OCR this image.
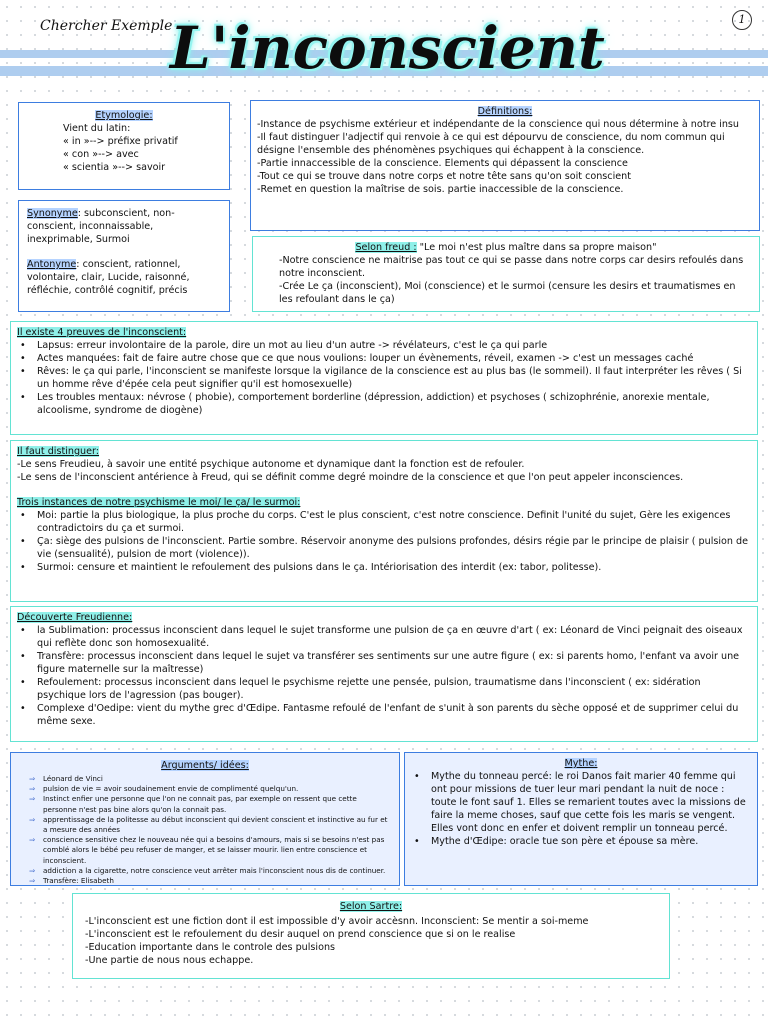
Chercher Exemple	1
L'inconscient
Etymologie:
Vient du latin:
« in »--> préfixe privatif
« con »--> avec
« scientia »--> savoir
Synonyme: subconscient, non-conscient, inconnaissable, inexprimable, Surmoi
Antonyme: conscient, rationnel, volontaire, clair, Lucide, raisonné, réfléchie, contrôlé cognitif, précis
Définitions:
-Instance de psychisme extérieur et indépendante de la conscience qui nous détermine à notre insu
-Il faut distinguer l'adjectif qui renvoie à ce qui est dépourvu de conscience, du nom commun qui désigne l'ensemble des phénomènes psychiques qui échappent à la conscience.
-Partie innaccessible de la conscience. Elements qui dépassent la conscience
-Tout ce qui se trouve dans notre corps et notre tête sans qu'on soit conscient
-Remet en question la maîtrise de sois. partie inaccessible de la conscience.
Selon freud : "Le moi n'est plus maître dans sa propre maison"
-Notre conscience ne maitrise pas tout ce qui se passe dans notre corps car desirs refoulés dans notre inconscient.
-Crée Le ça (inconscient), Moi (conscience) et le surmoi (censure les desirs et traumatismes en les refoulant dans le ça)
Il existe 4 preuves de l'inconscient:
• Lapsus: erreur involontaire de la parole, dire un mot au lieu d'un autre -> révélateurs, c'est le ça qui parle
• Actes manquées: fait de faire autre chose que ce que nous voulions: louper un évènements, réveil, examen -> c'est un messages caché
• Rêves: le ça qui parle, l'inconscient se manifeste lorsque la vigilance de la conscience est au plus bas (le sommeil). Il faut interpréter les rêves ( Si un homme rêve d'épée cela peut signifier qu'il est homosexuelle)
• Les troubles mentaux: névrose ( phobie), comportement borderline (dépression, addiction) et psychoses ( schizophrénie, anorexie mentale, alcoolisme, syndrome de diogène)
Il faut distinguer:
-Le sens Freudieu, à savoir une entité psychique autonome et dynamique dant la fonction est de refouler.
-Le sens de l'inconscient antérience à Freud, qui se définit comme degré moindre de la conscience et que l'on peut appeler inconsciences.
Trois instances de notre psychisme le moi/ le ça/ le surmoi:
• Moi: partie la plus biologique, la plus proche du corps. C'est le plus conscient, c'est notre conscience. Definit l'unité du sujet, Gère les exigences contradictoirs du ça et surmoi.
• Ça: siège des pulsions de l'inconscient. Partie sombre. Réservoir anonyme des pulsions profondes, désirs régie par le principe de plaisir ( pulsion de vie (sensualité), pulsion de mort (violence)).
• Surmoi: censure et maintient le refoulement des pulsions dans le ça. Intériorisation des interdit (ex: tabor, politesse).
Découverte Freudienne:
• la Sublimation: processus inconscient dans lequel le sujet transforme une pulsion de ça en œuvre d'art ( ex: Léonard de Vinci peignait des oiseaux qui reflète donc son homosexualité.
• Transfère: processus inconscient dans lequel le sujet va transférer ses sentiments sur une autre figure ( ex: si parents homo, l'enfant va avoir une figure maternelle sur la maîtresse)
• Refoulement: processus inconscient dans lequel le psychisme rejette une pensée, pulsion, traumatisme dans l'inconscient ( ex: sidération psychique lors de l'agression (pas bouger).
• Complexe d'Oedipe: vient du mythe grec d'Œdipe. Fantasme refoulé de l'enfant de s'unit à son parents du sèche opposé et de supprimer celui du même sexe.
Arguments/ idées:
⇒ Léonard de Vinci
⇒ pulsion de vie = avoir soudainement envie de complimenté quelqu'un.
⇒ Instinct enfier une personne que l'on ne connait pas, par exemple on ressent que cette personne n'est pas bine alors qu'on la connait pas.
⇒ apprentissage de la politesse au début inconscient qui devient conscient et instinctive au fur et a mesure des années
⇒ conscience sensitive chez le nouveau née qui a besoins d'amours, mais si se besoins n'est pas comblé alors le bébé peu refuser de manger, et se laisser mourir. lien entre conscience et inconscient.
⇒ addiction a la cigarette, notre conscience veut arrêter mais l'inconscient nous dis de continuer.
⇒ Transfère: Elisabeth
Mythe:
• Mythe du tonneau percé: le roi Danos fait marier 40 femme qui ont pour missions de tuer leur mari pendant la nuit de noce : toute le font sauf 1. Elles se remarient toutes avec la missions de faire la meme choses, sauf que cette fois les maris se vengent. Elles vont donc en enfer et doivent remplir un tonneau percé.
• Mythe d'Œdipe: oracle tue son père et épouse sa mère.
Selon Sartre:
-L'inconscient est une fiction dont il est impossible d'y avoir accèsnn. Inconscient: Se mentir a soi-meme
-L'inconscient est le refoulement du desir auquel on prend conscience que si on le realise
-Education importante dans le controle des pulsions
-Une partie de nous nous echappe.
